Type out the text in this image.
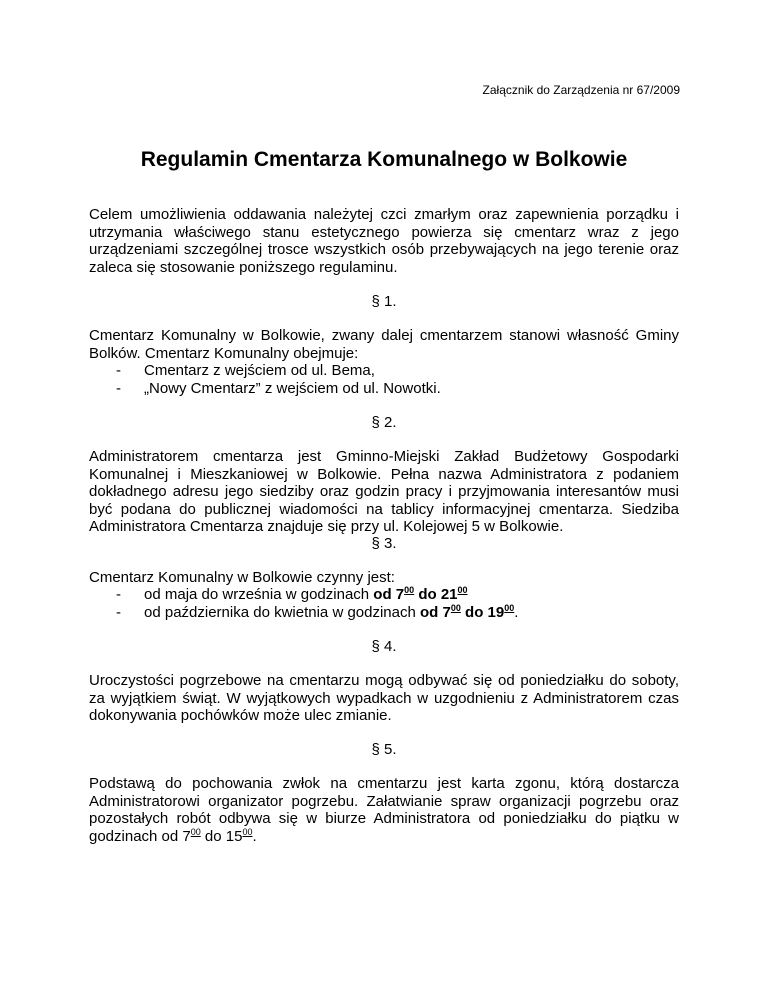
Załącznik do Zarządzenia nr 67/2009
Regulamin Cmentarza Komunalnego w Bolkowie

Celem umożliwienia oddawania należytej czci zmarłym oraz zapewnienia porządku i utrzymania właściwego stanu estetycznego powierza się cmentarz wraz z jego urządzeniami szczególnej trosce wszystkich osób przebywających na jego terenie oraz zaleca się stosowanie poniższego regulaminu.

§ 1.

Cmentarz Komunalny w Bolkowie, zwany dalej cmentarzem stanowi własność Gminy Bolków. Cmentarz Komunalny obejmuje:

- Cmentarz z wejściem od ul. Bema,
- „Nowy Cmentarz” z wejściem od ul. Nowotki.
§ 2.

Administratorem cmentarza jest Gminno-Miejski Zakład Budżetowy Gospodarki Komunalnej i Mieszkaniowej w Bolkowie. Pełna nazwa Administratora z podaniem dokładnego adresu jego siedziby oraz godzin pracy i przyjmowania interesantów musi być podana do publicznej wiadomości na tablicy informacyjnej cmentarza. Siedziba Administratora Cmentarza znajduje się przy ul. Kolejowej 5 w Bolkowie.

§ 3.

Cmentarz Komunalny w Bolkowie czynny jest:

- od maja do września w godzinach od $7^{00}$ do $21^{00}$
- od października do kwietnia w godzinach od $7^{00}$ do $19^{00}$.
§ 4.

Uroczystości pogrzebowe na cmentarzu mogą odbywać się od poniedziałku do soboty, za wyjątkiem świąt. W wyjątkowych wypadkach w uzgodnieniu z Administratorem czas dokonywania pochówków może ulec zmianie.

§ 5.

Podstawą do pochowania zwłok na cmentarzu jest karta zgonu, którą dostarcza Administratorowi organizator pogrzebu. Załatwianie spraw organizacji pogrzebu oraz pozostałych robót odbywa się w biurze Administratora od poniedziałku do piątku w godzinach od $7^{00}$ do $15^{00}$.
